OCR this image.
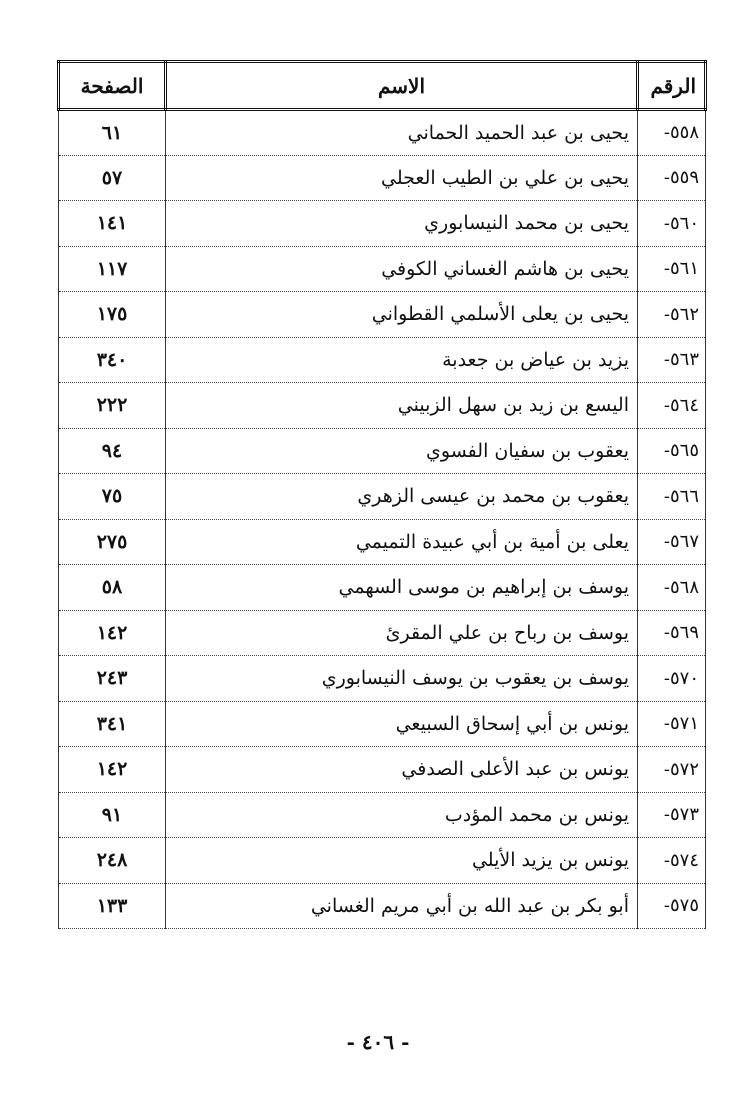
الرقم	الاسم	الصفحة
٥٥٨-	يحيى بن عبد الحميد الحماني	٦١
٥٥٩-	يحيى بن علي بن الطيب العجلي	٥٧
٥٦٠-	يحيى بن محمد النيسابوري	١٤١
٥٦١-	يحيى بن هاشم الغساني الكوفي	١١٧
٥٦٢-	يحيى بن يعلى الأسلمي القطواني	١٧٥
٥٦٣-	يزيد بن عياض بن جعدبة	٣٤٠
٥٦٤-	اليسع بن زيد بن سهل الزبيني	٢٢٢
٥٦٥-	يعقوب بن سفيان الفسوي	٩٤
٥٦٦-	يعقوب بن محمد بن عيسى الزهري	٧٥
٥٦٧-	يعلى بن أمية بن أبي عبيدة التميمي	٢٧٥
٥٦٨-	يوسف بن إبراهيم بن موسى السهمي	٥٨
٥٦٩-	يوسف بن رباح بن علي المقرئ	١٤٢
٥٧٠-	يوسف بن يعقوب بن يوسف النيسابوري	٢٤٣
٥٧١-	يونس بن أبي إسحاق السبيعي	٣٤١
٥٧٢-	يونس بن عبد الأعلى الصدفي	١٤٢
٥٧٣-	يونس بن محمد المؤدب	٩١
٥٧٤-	يونس بن يزيد الأيلي	٢٤٨
٥٧٥-	أبو بكر بن عبد الله بن أبي مريم الغساني	١٣٣
- ٤٠٦ -
